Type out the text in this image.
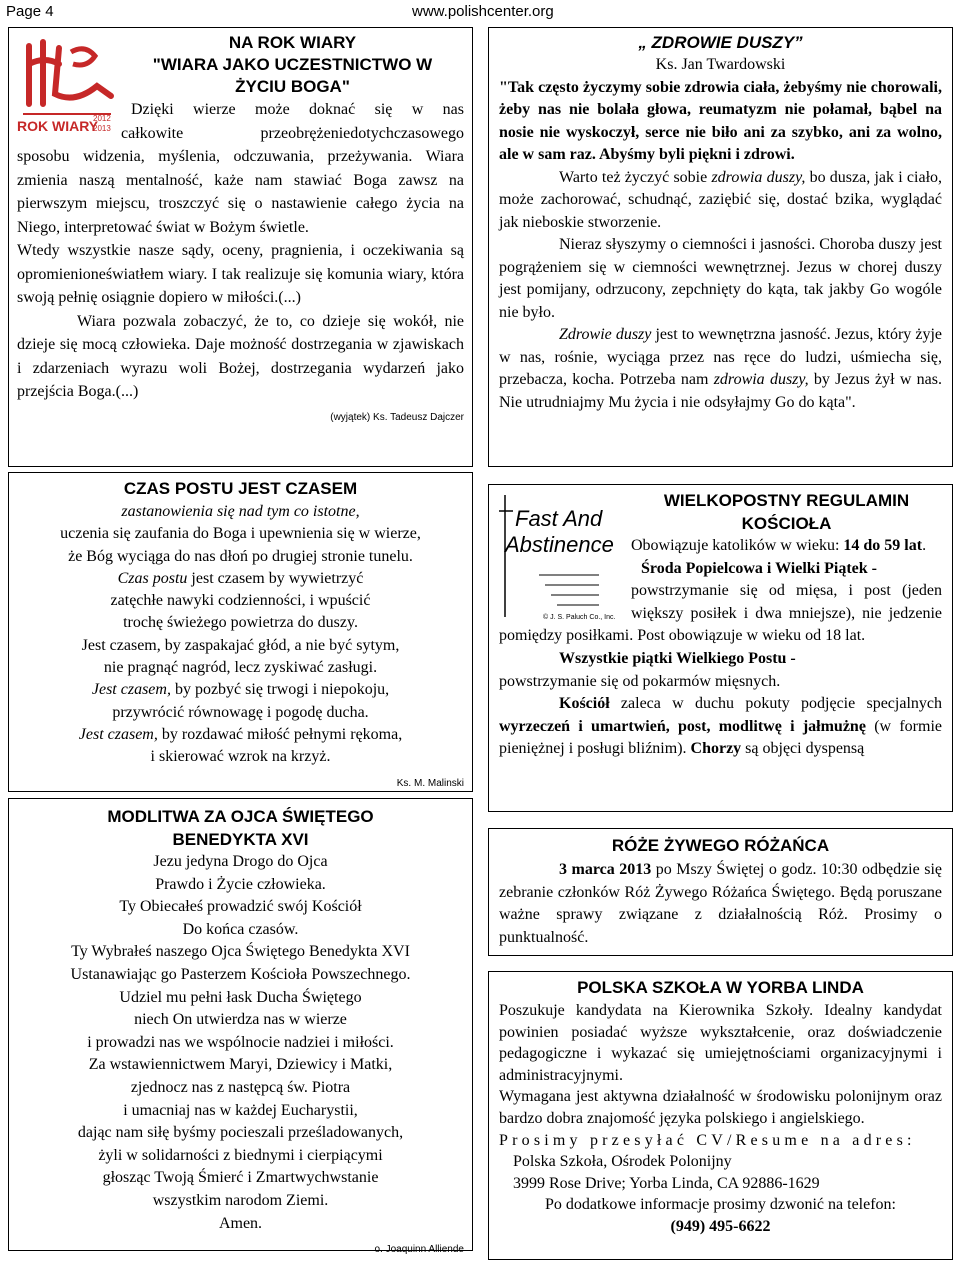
Page 4	www.polishcenter.org
ROK WIARY
2012 2013
NA ROK WIARY
"WIARA JAKO UCZESTNICTWO W
ŻYCIU BOGA"
Dzięki wierze może doknać się w nas
całkowite przeobrężeniedotychczasowego

sposobu widzenia, myślenia, odczuwania, przeżywania. Wiara zmienia naszą mentalność, każe nam stawiać Boga zawsz na pierwszym miejscu, troszczyć się o nastawienie całego życia na Niego, interpretować świat w Bożym świetle.

Wtedy wszystkie nasze sądy, oceny, pragnienia, i oczekiwania są opromienioneświatłem wiary. I tak realizuje się komunia wiary, która swoją pełnię osiągnie dopiero w miłości.(...)

Wiara pozwala zobaczyć, że to, co dzieje się wokół, nie dzieje się mocą człowieka. Daje możność dostrzegania w zjawiskach i zdarzeniach wyrazu woli Bożej, dostrzegania wydarzeń jako przejścia Boga.(...)

(wyjątek) Ks. Tadeusz Dajczer
CZAS POSTU JEST CZASEM
zastanowienia się nad tym co istotne,
uczenia się zaufania do Boga i upewnienia się w wierze,
że Bóg wyciąga do nas dłoń po drugiej stronie tunelu.
Czas postu jest czasem by wywietrzyć
zatęchłe nawyki codzienności, i wpuścić
trochę świeżego powietrza do duszy.
Jest czasem, by zaspakajać głód, a nie być sytym,
nie pragnąć nagród, lecz zyskiwać zasługi.
Jest czasem, by pozbyć się trwogi i niepokoju,
przywrócić równowagę i pogodę ducha.
Jest czasem, by rozdawać miłość pełnymi rękoma,
i skierować wzrok na krzyż.
Ks. M. Malinski
MODLITWA ZA OJCA ŚWIĘTEGO
BENEDYKTA XVI
Jezu jedyna Drogo do Ojca
Prawdo i Życie człowieka.
Ty Obiecałeś prowadzić swój Kościół
Do końca czasów.
Ty Wybrałeś naszego Ojca Świętego Benedykta XVI
Ustanawiając go Pasterzem Kościoła Powszechnego.
Udziel mu pełni łask Ducha Świętego
niech On utwierdza nas w wierze
i prowadzi nas we wspólnocie nadziei i miłości.
Za wstawiennictwem Maryi, Dziewicy i Matki,
zjednocz nas z następcą św. Piotra
i umacniaj nas w każdej Eucharystii,
dając nam siłę byśmy pocieszali prześladowanych,
żyli w solidarności z biednymi i cierpiącymi
głosząc Twoją Śmierć i Zmartwychwstanie
wszystkim narodom Ziemi.
Amen.
o. Joaquinn Alliende
„ ZDROWIE DUSZY”
Ks. Jan Twardowski

"Tak często życzymy sobie zdrowia ciała, żebyśmy nie chorowali, żeby nas nie bolała głowa, reumatyzm nie połamał, bąbel na nosie nie wyskoczył, serce nie biło ani za szybko, ani za wolno, ale w sam raz. Abyśmy byli piękni i zdrowi.

Warto też życzyć sobie zdrowia duszy, bo dusza, jak i ciało, może zachorować, schudnąć, zaziębić się, dostać bzika, wyglądać jak nieboskie stworzenie.

Nieraz słyszymy o ciemności i jasności. Choroba duszy jest pogrążeniem się w ciemności wewnętrznej. Jezus w chorej duszy jest pomijany, odrzucony, zepchnięty do kąta, tak jakby Go wogóle nie było.

Zdrowie duszy jest to wewnętrzna jasność. Jezus, który żyje w nas, rośnie, wyciąga przez nas ręce do ludzi, uśmiecha się, przebacza, kocha. Potrzeba nam zdrowia duszy, by Jezus żył w nas. Nie utrudniajmy Mu życia i nie odsyłajmy Go do kąta".

Fast And
Abstinence
© J. S. Paluch Co., Inc.
WIELKOPOSTNY REGULAMIN
KOŚCIOŁA

Obowiązuje katolików w wieku: 14 do 59 lat.

Środa Popielcowa i Wielki Piątek -

powstrzymanie się od mięsa, i post (jeden większy posiłek i dwa mniejsze), nie jedzenie pomiędzy posiłkami. Post obowiązuje w wieku od 18 lat.

Wszystkie piątki Wielkiego Postu -

powstrzymanie się od pokarmów mięsnych.

Kościół zaleca w duchu pokuty podjęcie specjalnych wyrzeczeń i umartwień, post, modlitwę i jałmużnę (w formie pieniężnej i posługi bliźnim). Chorzy są objęci dyspensą

RÓŻE ŻYWEGO RÓŻAŃCA

3 marca 2013 po Mszy Świętej o godz. 10:30 odbędzie się zebranie członków Róż Żywego Różańca Świętego. Będą poruszane ważne sprawy związane z działalnością Róż. Prosimy o punktualność.

POLSKA SZKOŁA W YORBA LINDA

Poszukuje kandydata na Kierownika Szkoły. Idealny kandydat powinien posiadać wyższe wykształcenie, oraz doświadczenie pedagogiczne i wykazać się umiejętnościami organizacyjnymi i administracyjnymi.

Wymagana jest aktywna działalność w środowisku polonijnym oraz bardzo dobra znajomość języka polskiego i angielskiego.

Prosimy przesyłać CV/Resume na adres:

Polska Szkoła, Ośrodek Polonijny
3999 Rose Drive; Yorba Linda, CA 92886-1629
Po dodatkowe informacje prosimy dzwonić na telefon:
(949) 495-6622
